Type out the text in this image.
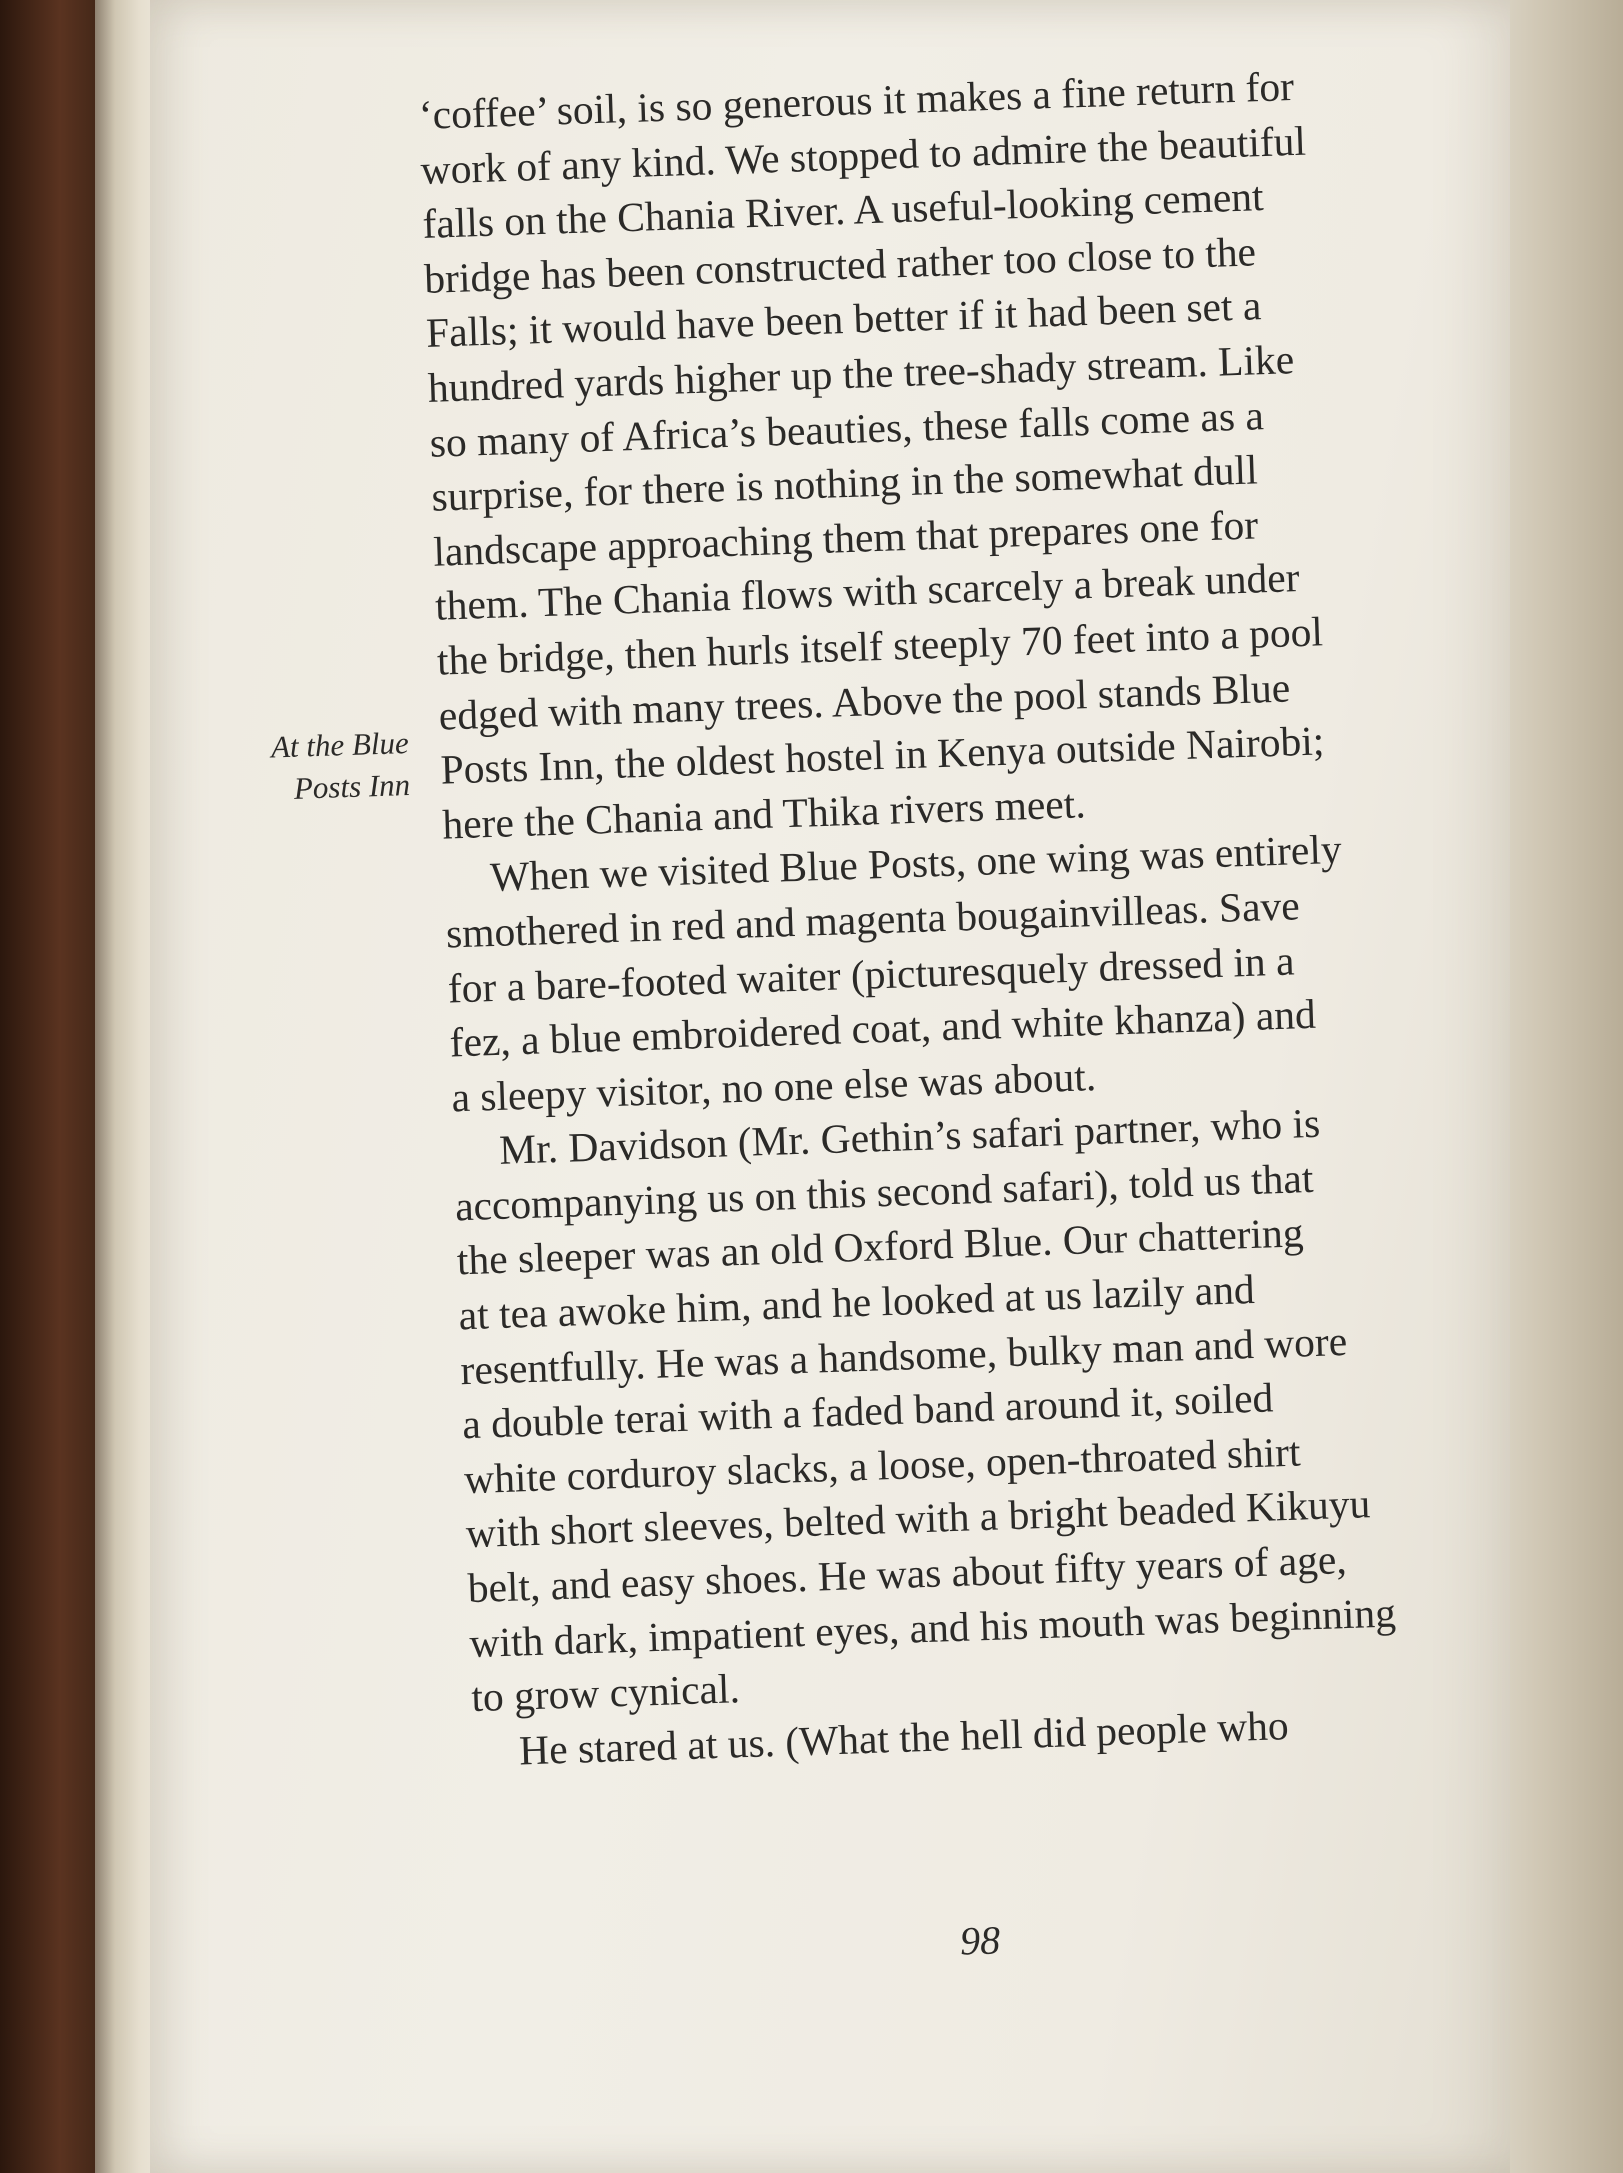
At the Blue
Posts Inn
‘coffee’ soil, is so generous it makes a fine return for
work of any kind. We stopped to admire the beautiful
falls on the Chania River. A useful-looking cement
bridge has been constructed rather too close to the
Falls; it would have been better if it had been set a
hundred yards higher up the tree-shady stream. Like
so many of Africa’s beauties, these falls come as a
surprise, for there is nothing in the somewhat dull
landscape approaching them that prepares one for
them. The Chania flows with scarcely a break under
the bridge, then hurls itself steeply 70 feet into a pool
edged with many trees. Above the pool stands Blue
Posts Inn, the oldest hostel in Kenya outside Nairobi;
here the Chania and Thika rivers meet.
When we visited Blue Posts, one wing was entirely
smothered in red and magenta bougainvilleas. Save
for a bare-footed waiter (picturesquely dressed in a
fez, a blue embroidered coat, and white khanza) and
a sleepy visitor, no one else was about.
Mr. Davidson (Mr. Gethin’s safari partner, who is
accompanying us on this second safari), told us that
the sleeper was an old Oxford Blue. Our chattering
at tea awoke him, and he looked at us lazily and
resentfully. He was a handsome, bulky man and wore
a double terai with a faded band around it, soiled
white corduroy slacks, a loose, open-throated shirt
with short sleeves, belted with a bright beaded Kikuyu
belt, and easy shoes. He was about fifty years of age,
with dark, impatient eyes, and his mouth was beginning
to grow cynical.
He stared at us. (What the hell did people who
98
